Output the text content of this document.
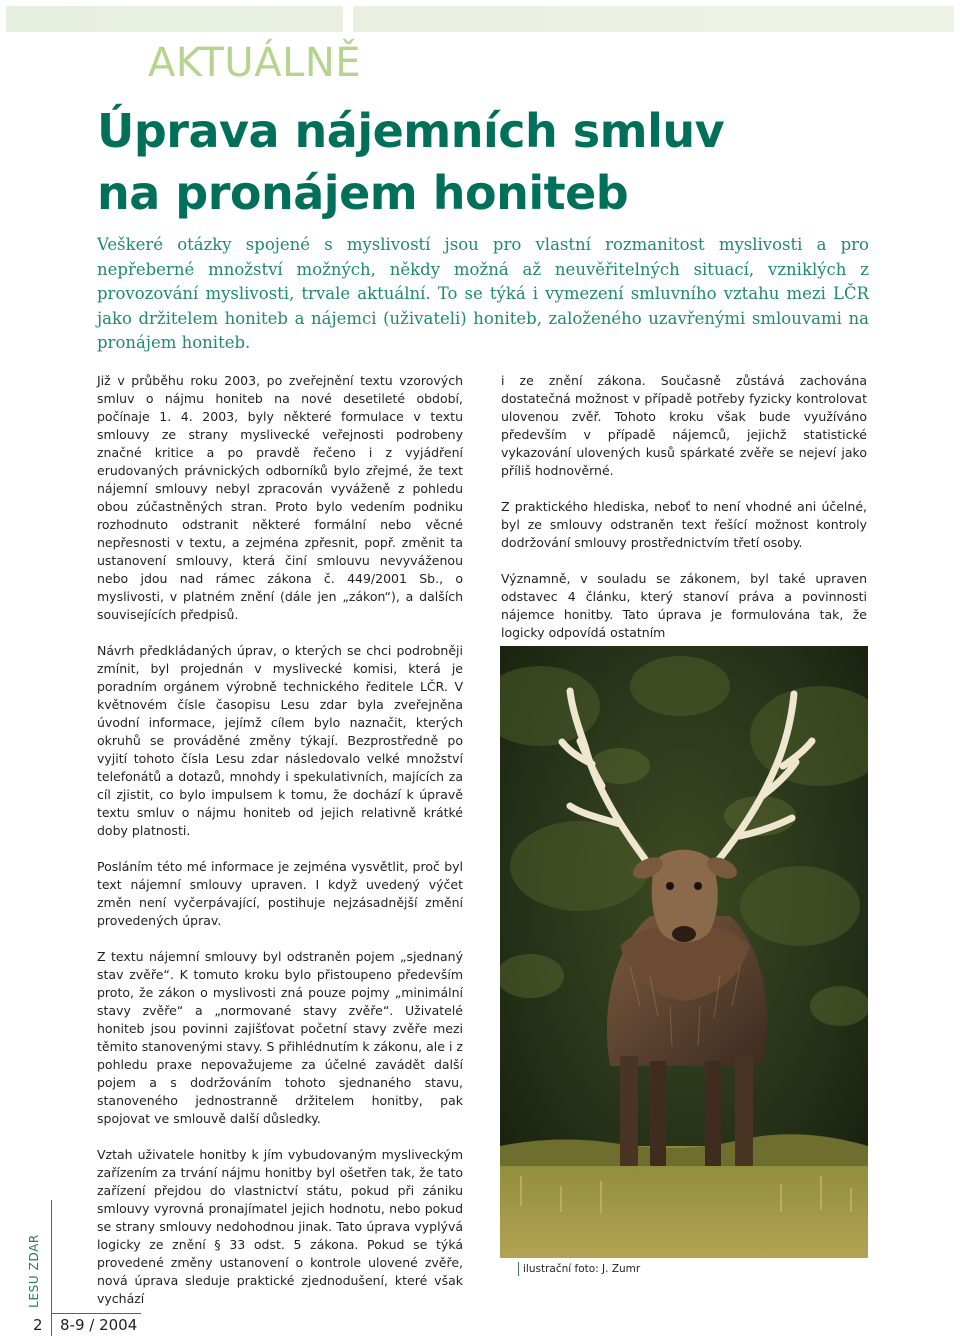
AKTUÁLNĚ
Úprava nájemních smluv
na pronájem honiteb

Veškeré otázky spojené s myslivostí jsou pro vlastní rozmanitost myslivosti a pro nepřeberné množství možných, někdy možná až neuvěřitelných situací, vzniklých z provozování myslivosti, trvale aktuální. To se týká i vymezení smluvního vztahu mezi LČR jako držitelem honiteb a nájemci (uživateli) honiteb, založeného uzavřenými smlouvami na pronájem honiteb.

Již v průběhu roku 2003, po zveřejnění textu vzorových smluv o nájmu honiteb na nové desetileté období, počínaje 1. 4. 2003, byly některé formulace v textu smlouvy ze strany myslivecké veřejnosti podrobeny značné kritice a po pravdě řečeno i z vyjádření erudovaných právnických odborníků bylo zřejmé, že text nájemní smlouvy nebyl zpracován vyváženě z pohledu obou zúčastněných stran. Proto bylo vedením podniku rozhodnuto odstranit některé formální nebo věcné nepřesnosti v textu, a zejména zpřesnit, popř. změnit ta ustanovení smlouvy, která činí smlouvu nevyváženou nebo jdou nad rámec zákona č. 449/2001 Sb., o myslivosti, v platném znění (dále jen „zákon“), a dalších souvisejících předpisů.

Návrh předkládaných úprav, o kterých se chci podrobněji zmínit, byl projednán v myslivecké komisi, která je poradním orgánem výrobně technického ředitele LČR. V květnovém čísle časopisu Lesu zdar byla zveřejněna úvodní informace, jejímž cílem bylo naznačit, kterých okruhů se prováděné změny týkají. Bezprostředně po vyjití tohoto čísla Lesu zdar následovalo velké množství telefonátů a dotazů, mnohdy i spekulativních, majících za cíl zjistit, co bylo impulsem k tomu, že dochází k úpravě textu smluv o nájmu honiteb od jejich relativně krátké doby platnosti.

Posláním této mé informace je zejména vysvětlit, proč byl text nájemní smlouvy upraven. I když uvedený výčet změn není vyčerpávající, postihuje nejzásadnější změní provedených úprav.

Z textu nájemní smlouvy byl odstraněn pojem „sjednaný stav zvěře“. K tomuto kroku bylo přistoupeno především proto, že zákon o myslivosti zná pouze pojmy „minimální stavy zvěře“ a „normované stavy zvěře“. Uživatelé honiteb jsou povinni zajišťovat početní stavy zvěře mezi těmito stanovenými stavy. S přihlédnutím k zákonu, ale i z pohledu praxe nepovažujeme za účelné zavádět další pojem a s dodržováním tohoto sjednaného stavu, stanoveného jednostranně držitelem honitby, pak spojovat ve smlouvě další důsledky.

Vztah uživatele honitby k jím vybudovaným mysliveckým zařízením za trvání nájmu honitby byl ošetřen tak, že tato zařízení přejdou do vlastnictví státu, pokud při zániku smlouvy vyrovná pronajímatel jejich hodnotu, nebo pokud se strany smlouvy nedohodnou jinak. Tato úprava vyplývá logicky ze znění § 33 odst. 5 zákona. Pokud se týká provedené změny ustanovení o kontrole ulovené zvěře, nová úprava sleduje praktické zjednodušení, které však vychází

i ze znění zákona. Současně zůstává zachována dostatečná možnost v případě potřeby fyzicky kontrolovat ulovenou zvěř. Tohoto kroku však bude využíváno především v případě nájemců, jejichž statistické vykazování ulovených kusů spárkaté zvěře se nejeví jako příliš hodnověrné.

Z praktického hlediska, neboť to není vhodné ani účelné, byl ze smlouvy odstraněn text řešící možnost kontroly dodržování smlouvy prostřednictvím třetí osoby.

Významně, v souladu se zákonem, byl také upraven odstavec 4 článku, který stanoví práva a povinnosti nájemce honitby. Tato úprava je formulována tak, že logicky odpovídá ostatním

ilustrační foto: J. Zumr
LESU ZDAR
2 8-9 / 2004
